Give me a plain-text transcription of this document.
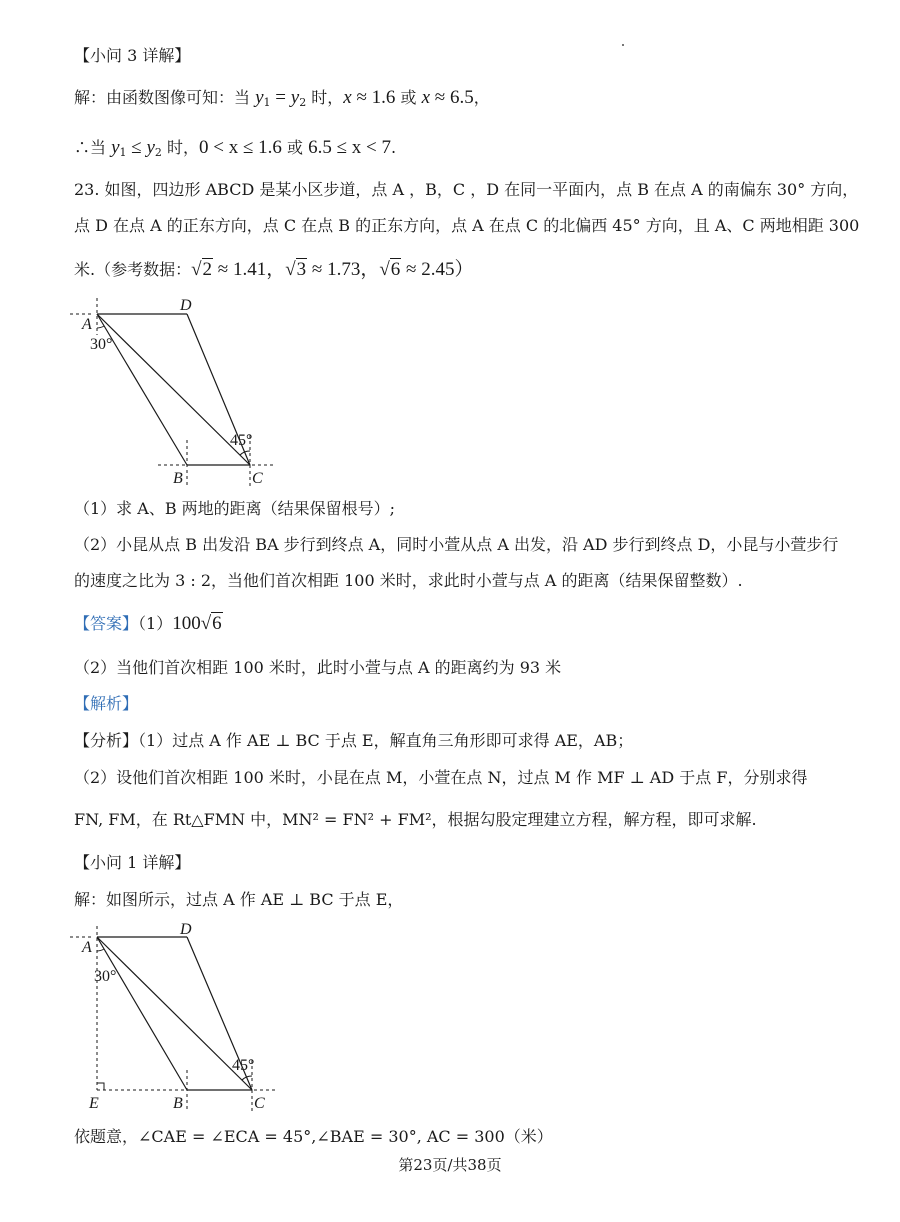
【小问 3 详解】
解：由函数图像可知：当 $y_1 = y_2$ 时，x ≈ 1.6 或 x ≈ 6.5，
∴当 $y_1 \le y_2$ 时，0 < x ≤ 1.6 或 6.5 ≤ x < 7.
23. 如图，四边形 ABCD 是某小区步道，点 A ，B，C ，D 在同一平面内，点 B 在点 A 的南偏东 30° 方向，
点 D 在点 A 的正东方向，点 C 在点 B 的正东方向，点 A 在点 C 的北偏西 45° 方向，且 A、C 两地相距 300
米.（参考数据：√2 ≈ 1.41，√3 ≈ 1.73，√6 ≈ 2.45）
A
D
B	C
30°
45°
（1）求 A、B 两地的距离（结果保留根号）;
（2）小昆从点 B 出发沿 BA 步行到终点 A，同时小萱从点 A 出发，沿 AD 步行到终点 D，小昆与小萱步行
的速度之比为 3 : 2，当他们首次相距 100 米时，求此时小萱与点 A 的距离（结果保留整数）.
【答案】（1）100√6
（2）当他们首次相距 100 米时，此时小萱与点 A 的距离约为 93 米
【解析】
【分析】（1）过点 A 作 AE ⊥ BC 于点 E，解直角三角形即可求得 AE，AB；
（2）设他们首次相距 100 米时，小昆在点 M，小萱在点 N，过点 M 作 MF ⊥ AD 于点 F，分别求得
FN, FM，在 Rt△FMN 中，MN² = FN² + FM²，根据勾股定理建立方程，解方程，即可求解.
【小问 1 详解】
解：如图所示，过点 A 作 AE ⊥ BC 于点 E，
A
D
E	B	C
30°
45°
依题意，∠CAE = ∠ECA = 45°,∠BAE = 30°, AC = 300（米）
第23页/共38页
